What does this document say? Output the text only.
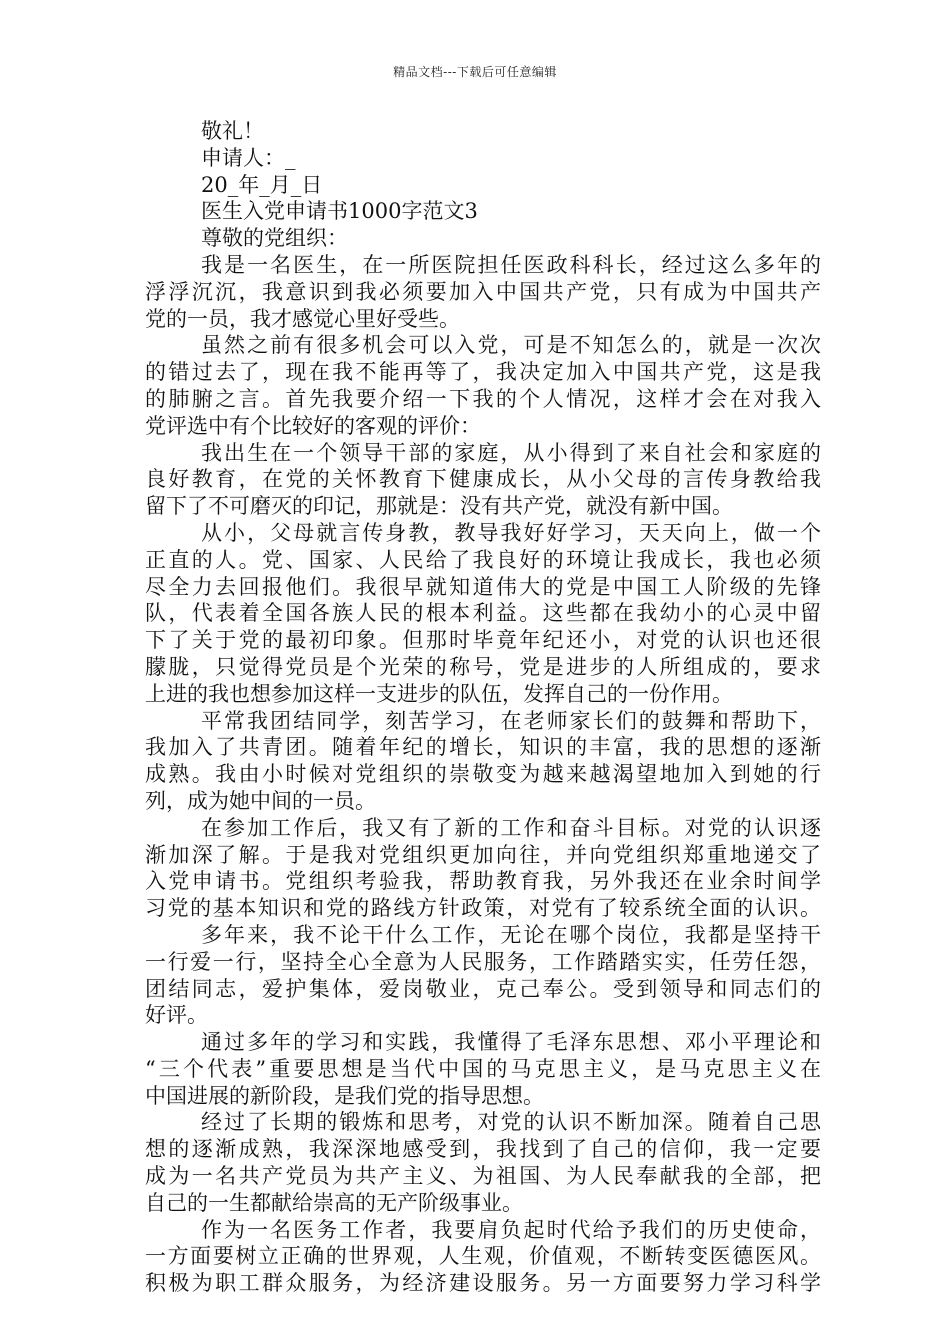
精品文档---下载后可任意编辑
敬礼！
申请人：_
20_年_月_日
医生入党申请书1000字范文3
尊敬的党组织：
我是一名医生，在一所医院担任医政科科长，经过这么多年的
浮浮沉沉，我意识到我必须要加入中国共产党，只有成为中国共产
党的一员，我才感觉心里好受些。
虽然之前有很多机会可以入党，可是不知怎么的，就是一次次
的错过去了，现在我不能再等了，我决定加入中国共产党，这是我
的肺腑之言。首先我要介绍一下我的个人情况，这样才会在对我入
党评选中有个比较好的客观的评价：
我出生在一个领导干部的家庭，从小得到了来自社会和家庭的
良好教育，在党的关怀教育下健康成长，从小父母的言传身教给我
留下了不可磨灭的印记，那就是：没有共产党，就没有新中国。
从小，父母就言传身教，教导我好好学习，天天向上，做一个
正直的人。党、国家、人民给了我良好的环境让我成长，我也必须
尽全力去回报他们。我很早就知道伟大的党是中国工人阶级的先锋
队，代表着全国各族人民的根本利益。这些都在我幼小的心灵中留
下了关于党的最初印象。但那时毕竟年纪还小，对党的认识也还很
朦胧，只觉得党员是个光荣的称号，党是进步的人所组成的，要求
上进的我也想参加这样一支进步的队伍，发挥自己的一份作用。
平常我团结同学，刻苦学习，在老师家长们的鼓舞和帮助下，
我加入了共青团。随着年纪的增长，知识的丰富，我的思想的逐渐
成熟。我由小时候对党组织的崇敬变为越来越渴望地加入到她的行
列，成为她中间的一员。
在参加工作后，我又有了新的工作和奋斗目标。对党的认识逐
渐加深了解。于是我对党组织更加向往，并向党组织郑重地递交了
入党申请书。党组织考验我，帮助教育我，另外我还在业余时间学
习党的基本知识和党的路线方针政策，对党有了较系统全面的认识。
多年来，我不论干什么工作，无论在哪个岗位，我都是坚持干
一行爱一行，坚持全心全意为人民服务，工作踏踏实实，任劳任怨，
团结同志，爱护集体，爱岗敬业，克己奉公。受到领导和同志们的
好评。
通过多年的学习和实践，我懂得了毛泽东思想、邓小平理论和
“三个代表”重要思想是当代中国的马克思主义，是马克思主义在
中国进展的新阶段，是我们党的指导思想。
经过了长期的锻炼和思考，对党的认识不断加深。随着自己思
想的逐渐成熟，我深深地感受到，我找到了自己的信仰，我一定要
成为一名共产党员为共产主义、为祖国、为人民奉献我的全部，把
自己的一生都献给崇高的无产阶级事业。
作为一名医务工作者，我要肩负起时代给予我们的历史使命，
一方面要树立正确的世界观，人生观，价值观，不断转变医德医风。
积极为职工群众服务，为经济建设服务。另一方面要努力学习科学
